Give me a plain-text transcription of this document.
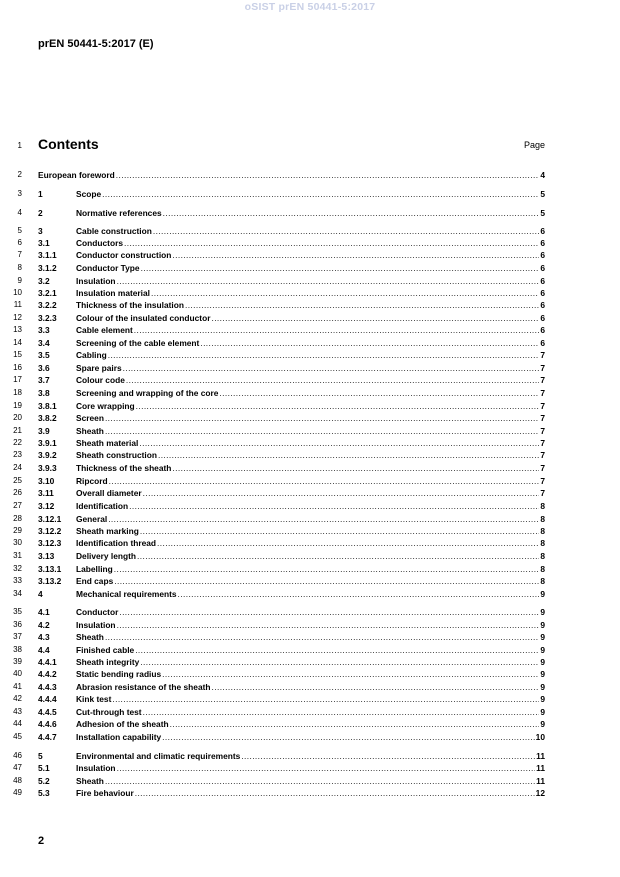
oSIST prEN 50441-5:2017
prEN 50441-5:2017 (E)
1 Contents	Page
2 European foreword .....	4
3 1	Scope .....	5
4 2	Normative references .....	5
5 3	Cable construction .....	6
6 3.1	Conductors .....	6
7 3.1.1	Conductor construction .....	6
8 3.1.2	Conductor Type .....	6
9 3.2	Insulation .....	6
10 3.2.1	Insulation material .....	6
11 3.2.2	Thickness of the insulation .....	6
12 3.2.3	Colour of the insulated conductor .....	6
13 3.3	Cable element .....	6
14 3.4	Screening of the cable element .....	6
15 3.5	Cabling .....	7
16 3.6	Spare pairs .....	7
17 3.7	Colour code .....	7
18 3.8	Screening and wrapping of the core .....	7
19 3.8.1	Core wrapping .....	7
20 3.8.2	Screen .....	7
21 3.9	Sheath .....	7
22 3.9.1	Sheath material .....	7
23 3.9.2	Sheath construction .....	7
24 3.9.3	Thickness of the sheath .....	7
25 3.10	Ripcord .....	7
26 3.11	Overall diameter .....	7
27 3.12	Identification .....	8
28 3.12.1	General .....	8
29 3.12.2	Sheath marking .....	8
30 3.12.3	Identification thread .....	8
31 3.13	Delivery length .....	8
32 3.13.1	Labelling .....	8
33 3.13.2	End caps .....	8
34 4	Mechanical requirements .....	9
35 4.1	Conductor .....	9
36 4.2	Insulation .....	9
37 4.3	Sheath .....	9
38 4.4	Finished cable .....	9
39 4.4.1	Sheath integrity .....	9
40 4.4.2	Static bending radius .....	9
41 4.4.3	Abrasion resistance of the sheath .....	9
42 4.4.4	Kink test .....	9
43 4.4.5	Cut-through test .....	9
44 4.4.6	Adhesion of the sheath .....	9
45 4.4.7	Installation capability .....	10
46 5	Environmental and climatic requirements .....	11
47 5.1	Insulation .....	11
48 5.2	Sheath .....	11
49 5.3	Fire behaviour .....	12
2
